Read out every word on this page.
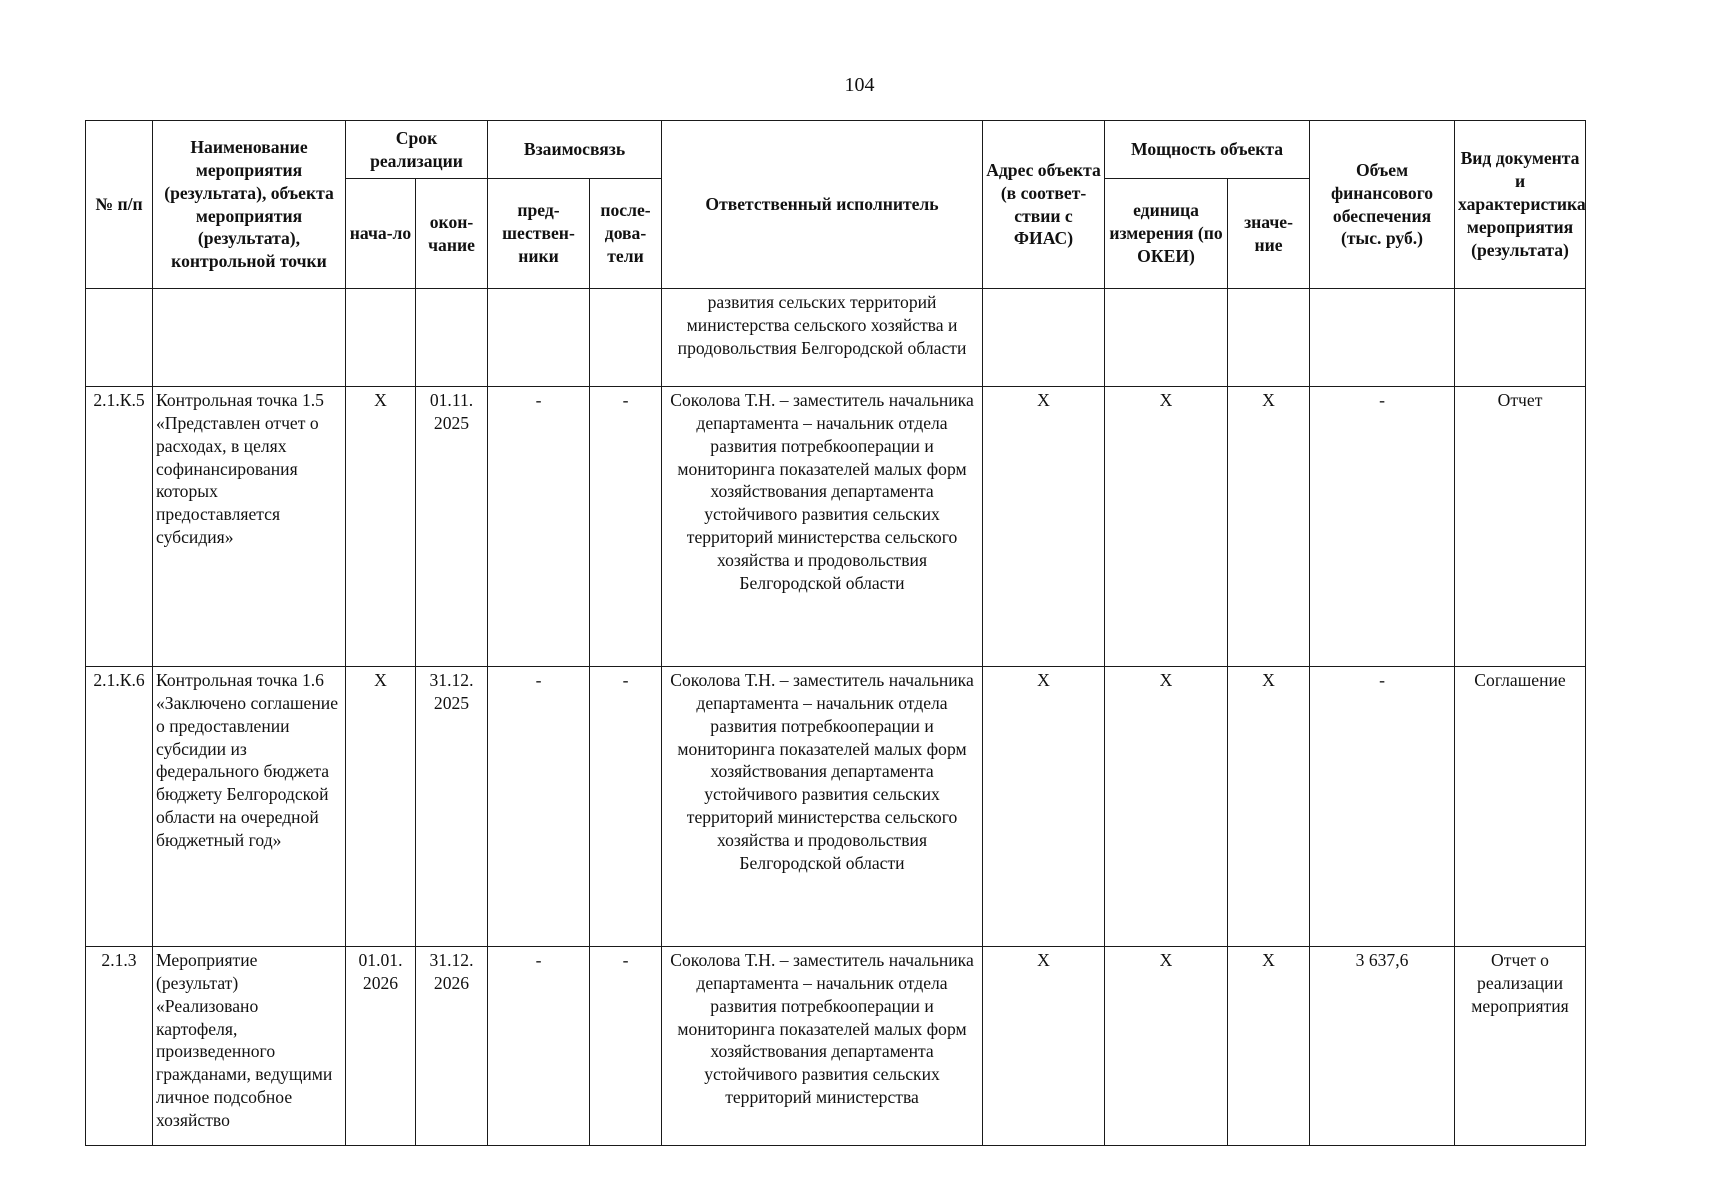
104
№ п/п	Наименование мероприятия (результата), объекта мероприятия (результата), контрольной точки	Срок реализации		Взаимосвязь		Ответственный исполнитель	Адрес объекта (в соответ-ствии с ФИАС)	Мощность объекта		Объем финансового обеспечения (тыс. руб.)	Вид документа и характеристика мероприятия (результата)
		нача-ло	окон-чание	пред-шествен-ники	после-дова-тели			единица измерения (по ОКЕИ)	значе-ние		
						развития сельских территорий министерства сельского хозяйства и продовольствия Белгородской области					
2.1.К.5	Контрольная точка 1.5 «Представлен отчет о расходах, в целях софинансирования которых предоставляется субсидия»	Х	01.11. 2025	-	-	Соколова Т.Н. – заместитель начальника департамента – начальник отдела развития потребкооперации и мониторинга показателей малых форм хозяйствования департамента устойчивого развития сельских территорий министерства сельского хозяйства и продовольствия Белгородской области	Х	Х	Х	-	Отчет
2.1.К.6	Контрольная точка 1.6 «Заключено соглашение о предоставлении субсидии из федерального бюджета бюджету Белгородской области на очередной бюджетный год»	Х	31.12. 2025	-	-	Соколова Т.Н. – заместитель начальника департамента – начальник отдела развития потребкооперации и мониторинга показателей малых форм хозяйствования департамента устойчивого развития сельских территорий министерства сельского хозяйства и продовольствия Белгородской области	Х	Х	Х	-	Соглашение
2.1.3	Мероприятие (результат) «Реализовано картофеля, произведенного гражданами, ведущими личное подсобное хозяйство	01.01. 2026	31.12. 2026	-	-	Соколова Т.Н. – заместитель начальника департамента – начальник отдела развития потребкооперации и мониторинга показателей малых форм хозяйствования департамента устойчивого развития сельских территорий министерства	Х	Х	Х	3 637,6	Отчет о реализации мероприятия
